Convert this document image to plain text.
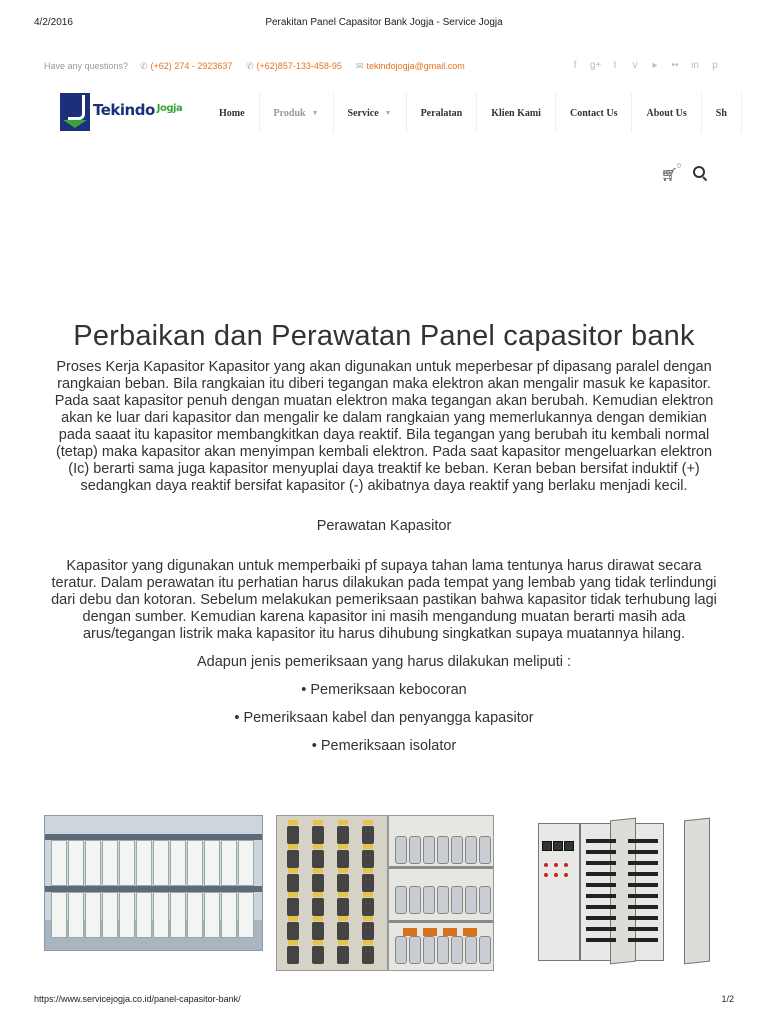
4/2/2016	Perakitan Panel Capasitor Bank Jogja - Service Jogja
Have any questions? ✆ (+62) 274 - 2923637 ✆ (+62)857-133-458-95 ✉ tekindojogja@gmail.com	f	g+	t	v ▸ •• in p
Tekindo $^{Jogja}$	Home	Produk ▼	Service ▼	Peralatan	Klien Kami	Contact Us	About Us	Sh
🛒︎
0
Perbaikan dan Perawatan Panel capasitor bank

Proses Kerja Kapasitor Kapasitor yang akan digunakan untuk meperbesar pf dipasang paralel dengan rangkaian beban. Bila rangkaian itu diberi tegangan maka elektron akan mengalir masuk ke kapasitor. Pada saat kapasitor penuh dengan muatan elektron maka tegangan akan berubah. Kemudian elektron akan ke luar dari kapasitor dan mengalir ke dalam rangkaian yang memerlukannya dengan demikian pada saaat itu kapasitor membangkitkan daya reaktif. Bila tegangan yang berubah itu kembali normal (tetap) maka kapasitor akan menyimpan kembali elektron. Pada saat kapasitor mengeluarkan elektron (Ic) berarti sama juga kapasitor menyuplai daya treaktif ke beban. Keran beban bersifat induktif (+) sedangkan daya reaktif bersifat kapasitor (-) akibatnya daya reaktif yang berlaku menjadi kecil.

Perawatan Kapasitor

Kapasitor yang digunakan untuk memperbaiki pf supaya tahan lama tentunya harus dirawat secara teratur. Dalam perawatan itu perhatian harus dilakukan pada tempat yang lembab yang tidak terlindungi dari debu dan kotoran. Sebelum melakukan pemeriksaan pastikan bahwa kapasitor tidak terhubung lagi dengan sumber. Kemudian karena kapasitor ini masih mengandung muatan berarti masih ada arus/tegangan listrik maka kapasitor itu harus dihubung singkatkan supaya muatannya hilang.

Adapun jenis pemeriksaan yang harus dilakukan meliputi :

• Pemeriksaan kebocoran

• Pemeriksaan kabel dan penyangga kapasitor

• Pemeriksaan isolator

https://www.servicejogja.co.id/panel-capasitor-bank/	1/2
